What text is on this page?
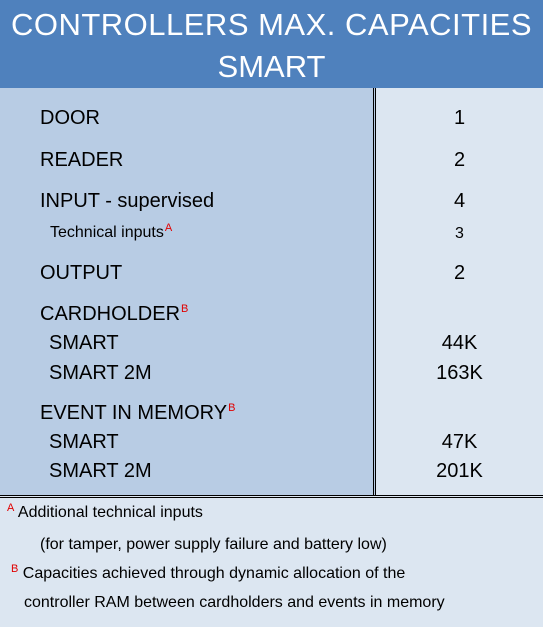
CONTROLLERS MAX. CAPACITIES
SMART
DOOR	1
READER	2
INPUT - supervised	4
Technical inputs$^A$	3
OUTPUT	2
$CARDHOLDER^B$
SMART	44K
SMART 2M	163K
EVENT IN $MEMORY^B$
SMART	47K
SMART 2M	201K
$^A$ Additional technical inputs
(for tamper, power supply failure and battery low)
$^B$ Capacities achieved through dynamic allocation of the
controller RAM between cardholders and events in memory
